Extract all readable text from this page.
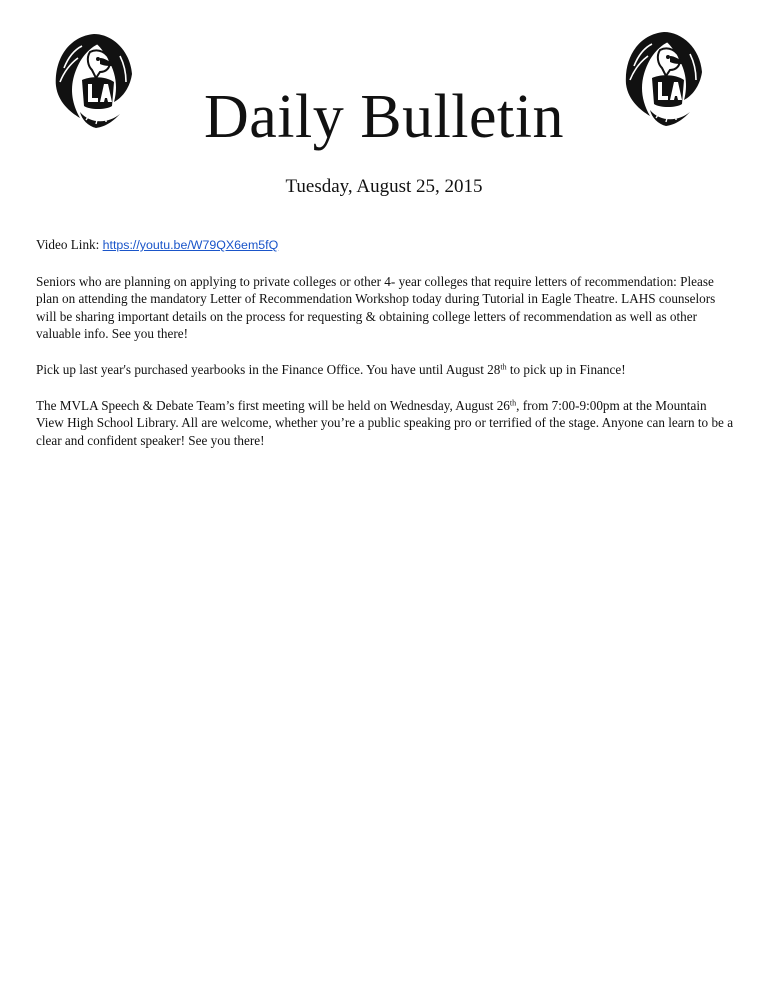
Daily Bulletin

Tuesday, August 25, 2015

Video Link: https://youtu.be/W79QX6em5fQ

Seniors who are planning on applying to private colleges or other 4- year colleges that require letters of recommendation: Please plan on attending the mandatory Letter of Recommendation Workshop today during Tutorial in Eagle Theatre. LAHS counselors will be sharing important details on the process for requesting & obtaining college letters of recommendation as well as other valuable info. See you there!

Pick up last year's purchased yearbooks in the Finance Office. You have until August 28th to pick up in Finance!

The MVLA Speech & Debate Team’s first meeting will be held on Wednesday, August 26th, from 7:00-9:00pm at the Mountain View High School Library. All are welcome, whether you’re a public speaking pro or terrified of the stage. Anyone can learn to be a clear and confident speaker! See you there!
